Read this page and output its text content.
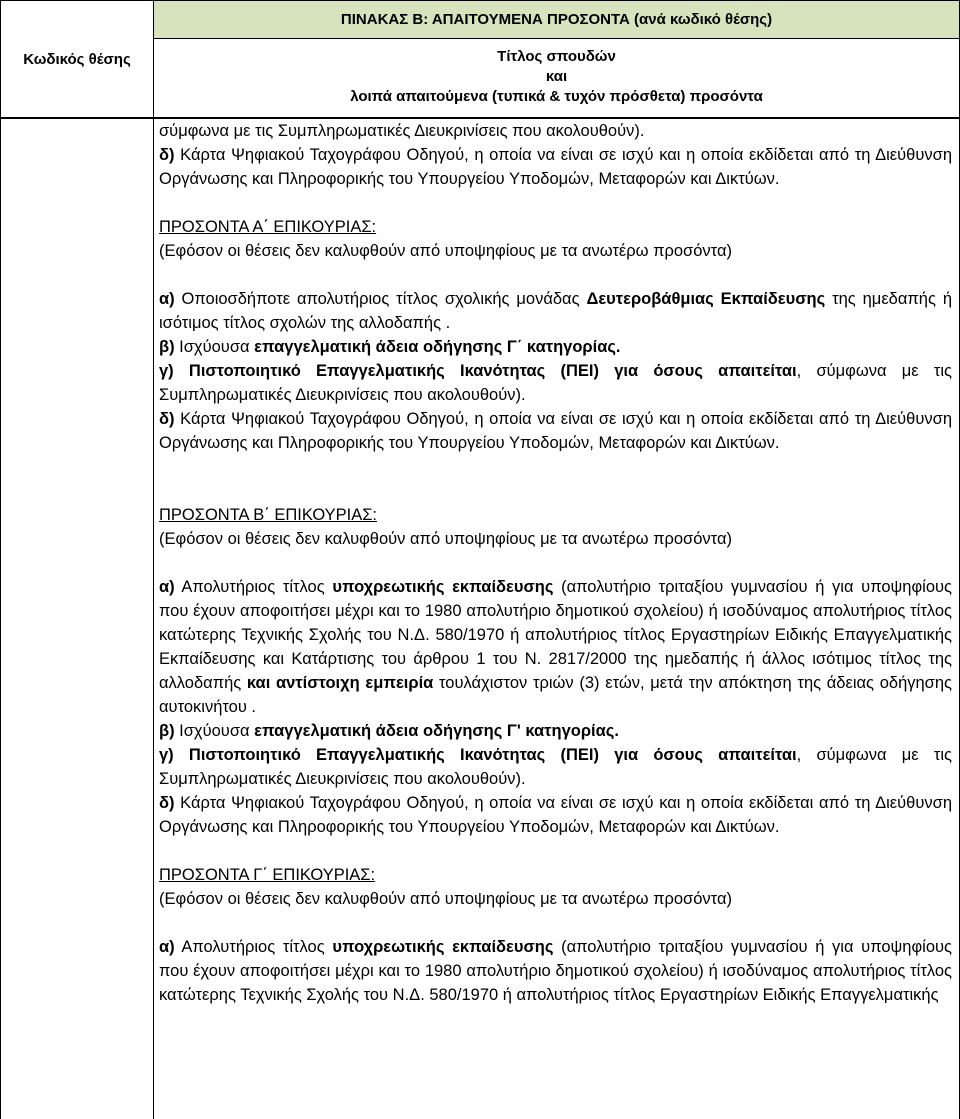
Κωδικός θέσης
ΠΙΝΑΚΑΣ Β: ΑΠΑΙΤΟΥΜΕΝΑ ΠΡΟΣΟΝΤΑ (ανά κωδικό θέσης)
Τίτλος σπουδών
και
λοιπά απαιτούμενα (τυπικά & τυχόν πρόσθετα) προσόντα

σύμφωνα με τις Συμπληρωματικές Διευκρινίσεις που ακολουθούν).

δ) Κάρτα Ψηφιακού Ταχογράφου Οδηγού, η οποία να είναι σε ισχύ και η οποία εκδίδεται από τη Διεύθυνση Οργάνωσης και Πληροφορικής του Υπουργείου Υποδομών, Μεταφορών και Δικτύων.

ΠΡΟΣΟΝΤΑ Α΄ ΕΠΙΚΟΥΡΙΑΣ:

(Εφόσον οι θέσεις δεν καλυφθούν από υποψηφίους με τα ανωτέρω προσόντα)

α) Οποιοσδήποτε απολυτήριος τίτλος σχολικής μονάδας Δευτεροβάθμιας Εκπαίδευσης της ημεδαπής ή ισότιμος τίτλος σχολών της αλλοδαπής .

β) Ισχύουσα επαγγελματική άδεια οδήγησης Γ΄ κατηγορίας.

γ) Πιστοποιητικό Επαγγελματικής Ικανότητας (ΠΕΙ) για όσους απαιτείται, σύμφωνα με τις Συμπληρωματικές Διευκρινίσεις που ακολουθούν).

δ) Κάρτα Ψηφιακού Ταχογράφου Οδηγού, η οποία να είναι σε ισχύ και η οποία εκδίδεται από τη Διεύθυνση Οργάνωσης και Πληροφορικής του Υπουργείου Υποδομών, Μεταφορών και Δικτύων.

ΠΡΟΣΟΝΤΑ Β΄ ΕΠΙΚΟΥΡΙΑΣ:

(Εφόσον οι θέσεις δεν καλυφθούν από υποψηφίους με τα ανωτέρω προσόντα)

α) Απολυτήριος τίτλος υποχρεωτικής εκπαίδευσης (απολυτήριο τριταξίου γυμνασίου ή για υποψηφίους που έχουν αποφοιτήσει μέχρι και το 1980 απολυτήριο δημοτικού σχολείου) ή ισοδύναμος απολυτήριος τίτλος κατώτερης Τεχνικής Σχολής του Ν.Δ. 580/1970 ή απολυτήριος τίτλος Εργαστηρίων Ειδικής Επαγγελματικής Εκπαίδευσης και Κατάρτισης του άρθρου 1 του Ν. 2817/2000 της ημεδαπής ή άλλος ισότιμος τίτλος της αλλοδαπής και αντίστοιχη εμπειρία τουλάχιστον τριών (3) ετών, μετά την απόκτηση της άδειας οδήγησης αυτοκινήτου .

β) Ισχύουσα επαγγελματική άδεια οδήγησης Γ' κατηγορίας.

γ) Πιστοποιητικό Επαγγελματικής Ικανότητας (ΠΕΙ) για όσους απαιτείται, σύμφωνα με τις Συμπληρωματικές Διευκρινίσεις που ακολουθούν).

δ) Κάρτα Ψηφιακού Ταχογράφου Οδηγού, η οποία να είναι σε ισχύ και η οποία εκδίδεται από τη Διεύθυνση Οργάνωσης και Πληροφορικής του Υπουργείου Υποδομών, Μεταφορών και Δικτύων.

ΠΡΟΣΟΝΤΑ Γ΄ ΕΠΙΚΟΥΡΙΑΣ:

(Εφόσον οι θέσεις δεν καλυφθούν από υποψηφίους με τα ανωτέρω προσόντα)

α) Απολυτήριος τίτλος υποχρεωτικής εκπαίδευσης (απολυτήριο τριταξίου γυμνασίου ή για υποψηφίους που έχουν αποφοιτήσει μέχρι και το 1980 απολυτήριο δημοτικού σχολείου) ή ισοδύναμος απολυτήριος τίτλος κατώτερης Τεχνικής Σχολής του Ν.Δ. 580/1970 ή απολυτήριος τίτλος Εργαστηρίων Ειδικής Επαγγελματικής
